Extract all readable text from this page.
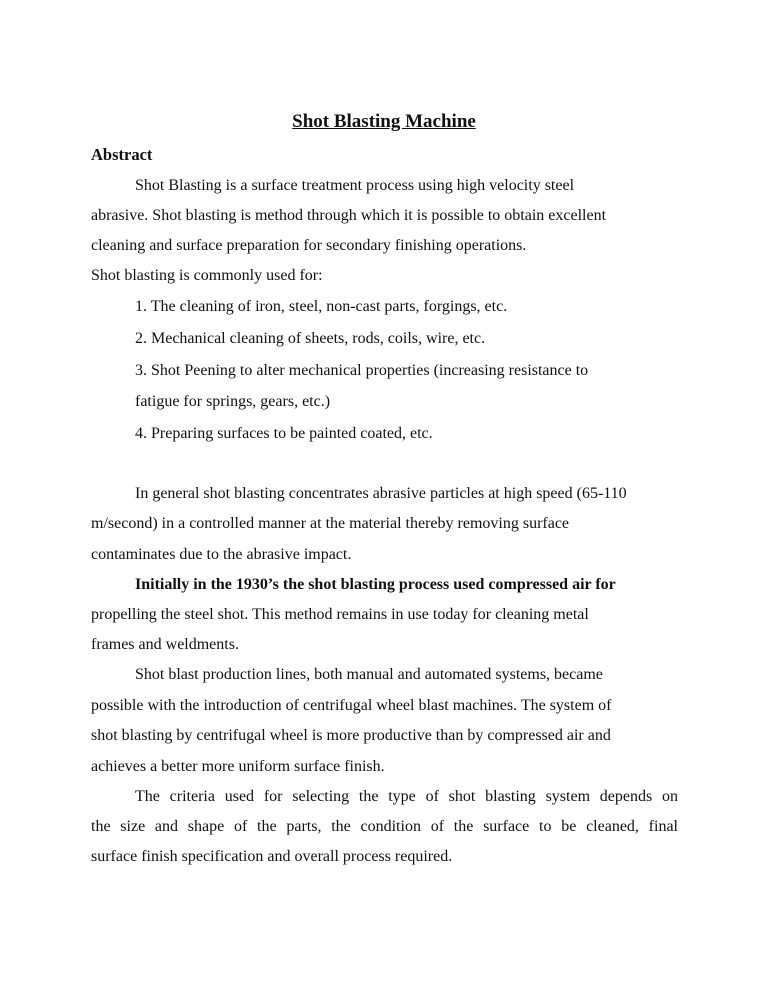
Shot Blasting Machine
Abstract
Shot Blasting is a surface treatment process using high velocity steel
abrasive. Shot blasting is method through which it is possible to obtain excellent
cleaning and surface preparation for secondary finishing operations.
Shot blasting is commonly used for:
1. The cleaning of iron, steel, non-cast parts, forgings, etc.
2. Mechanical cleaning of sheets, rods, coils, wire, etc.
3. Shot Peening to alter mechanical properties (increasing resistance to
fatigue for springs, gears, etc.)
4. Preparing surfaces to be painted coated, etc.
In general shot blasting concentrates abrasive particles at high speed (65-110
m/second) in a controlled manner at the material thereby removing surface
contaminates due to the abrasive impact.
Initially in the 1930’s the shot blasting process used compressed air for
propelling the steel shot. This method remains in use today for cleaning metal
frames and weldments.
Shot blast production lines, both manual and automated systems, became
possible with the introduction of centrifugal wheel blast machines. The system of
shot blasting by centrifugal wheel is more productive than by compressed air and
achieves a better more uniform surface finish.
The criteria used for selecting the type of shot blasting system depends on
the size and shape of the parts, the condition of the surface to be cleaned, final
surface finish specification and overall process required.
